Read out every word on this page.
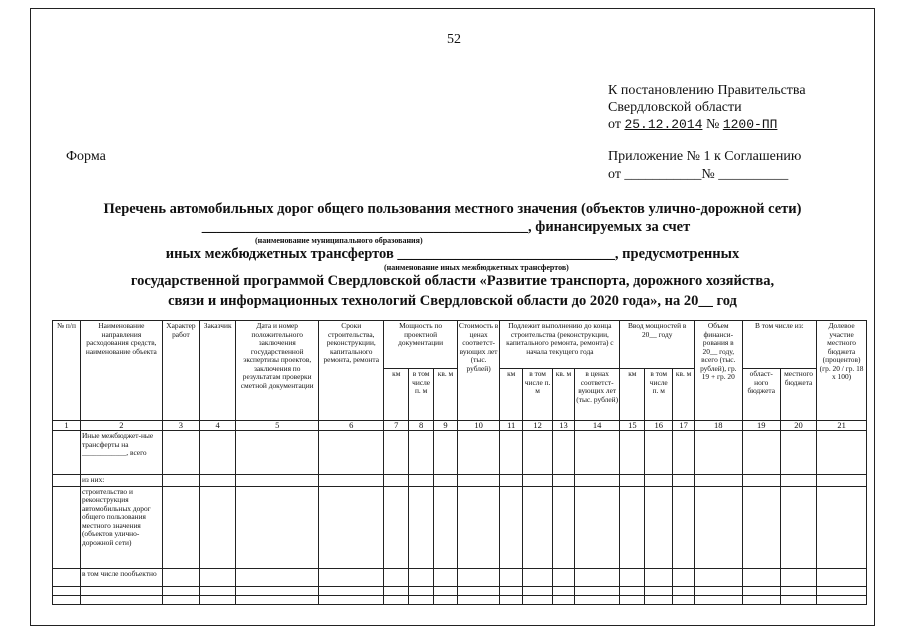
52
К постановлению Правительства
Свердловской области
от 25.12.2014 № 1200-ПП
Форма	Приложение № 1 к Соглашению
от ___________№ __________
Перечень автомобильных дорог общего пользования местного значения (объектов улично-дорожной сети)
_____________________________________________, финансируемых за счет
(наименование муниципального образования)
иных межбюджетных трансфертов ______________________________, предусмотренных
(наименование иных межбюджетных трансфертов)
государственной программой Свердловской области «Развитие транспорта, дорожного хозяйства,
связи и информационных технологий Свердловской области до 2020 года», на 20__ год
№ п/п	Наименование направления расходования средств, наименование объекта	Характер работ	Заказчик	Дата и номер положительного заключения государственной экспертизы проектов, заключения по результатам проверки сметной документации	Сроки строительства, реконструкции, капитального ремонта, ремонта	Мощность по проектной документации			Стоимость в ценах соответст-вующих лет (тыс. рублей)	Подлежит выполнению до конца строительства (реконструкции, капитального ремонта, ремонта) с начала текущего года				Ввод мощностей в 20__ году			Объем финанси-рования в 20__ году, всего (тыс. рублей), гр. 19 + гр. 20	В том числе из:		Долевое участие местного бюджета (процентов) (гр. 20 / гр. 18 x 100)
						км	в том числе п. м	кв. м		км	в том числе п. м	кв. м	в ценах соответст-вующих лет (тыс. рублей)	км	в том числе п. м	кв. м		област-ного бюджета	местного бюджета	
1	2	3	4	5	6	7	8	9	10	11	12	13	14	15	16	17	18	19	20	21
	Иные межбюджет-ные трансферты на ____________, всего																			
	из них:																			
	строительство и реконструкция автомобильных дорог общего пользования местного значения (объектов улично-дорожной сети)																			
	в том числе пообъектно																			
